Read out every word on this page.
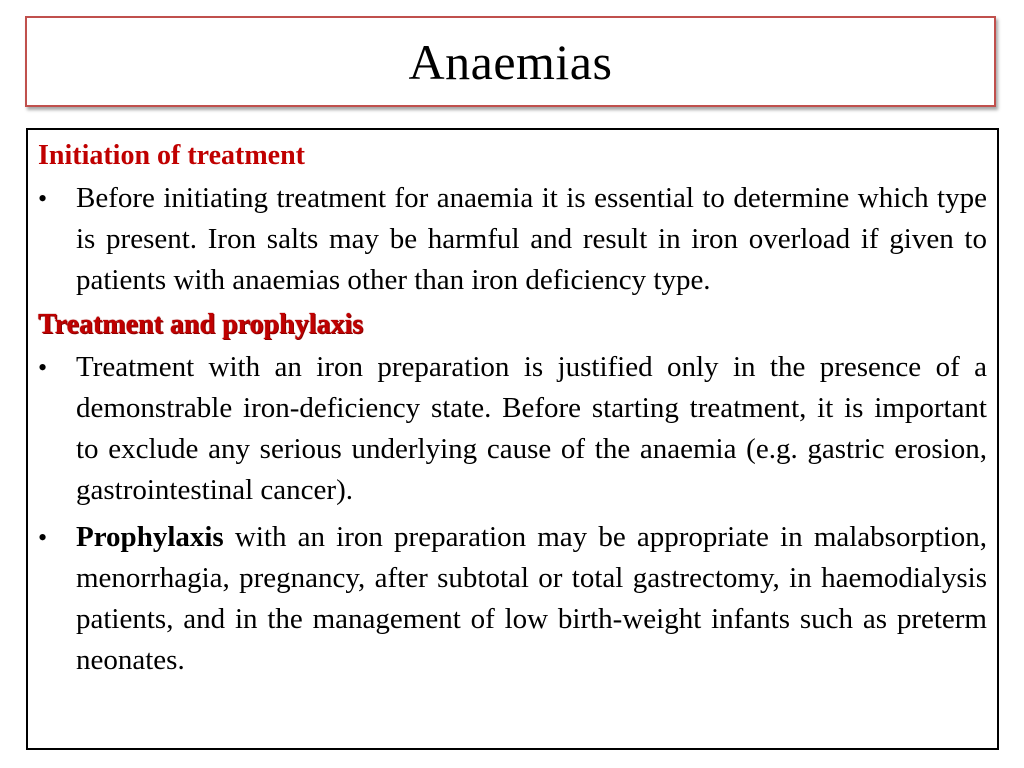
Anaemias
Initiation of treatment
• Before initiating treatment for anaemia it is essential to determine which type is present. Iron salts may be harmful and result in iron overload if given to patients with anaemias other than iron deficiency type.
Treatment and prophylaxis
• Treatment with an iron preparation is justified only in the presence of a demonstrable iron-deficiency state. Before starting treatment, it is important to exclude any serious underlying cause of the anaemia (e.g. gastric erosion, gastrointestinal cancer).
• Prophylaxis with an iron preparation may be appropriate in malabsorption, menorrhagia, pregnancy, after subtotal or total gastrectomy, in haemodialysis patients, and in the management of low birth-weight infants such as preterm neonates.
